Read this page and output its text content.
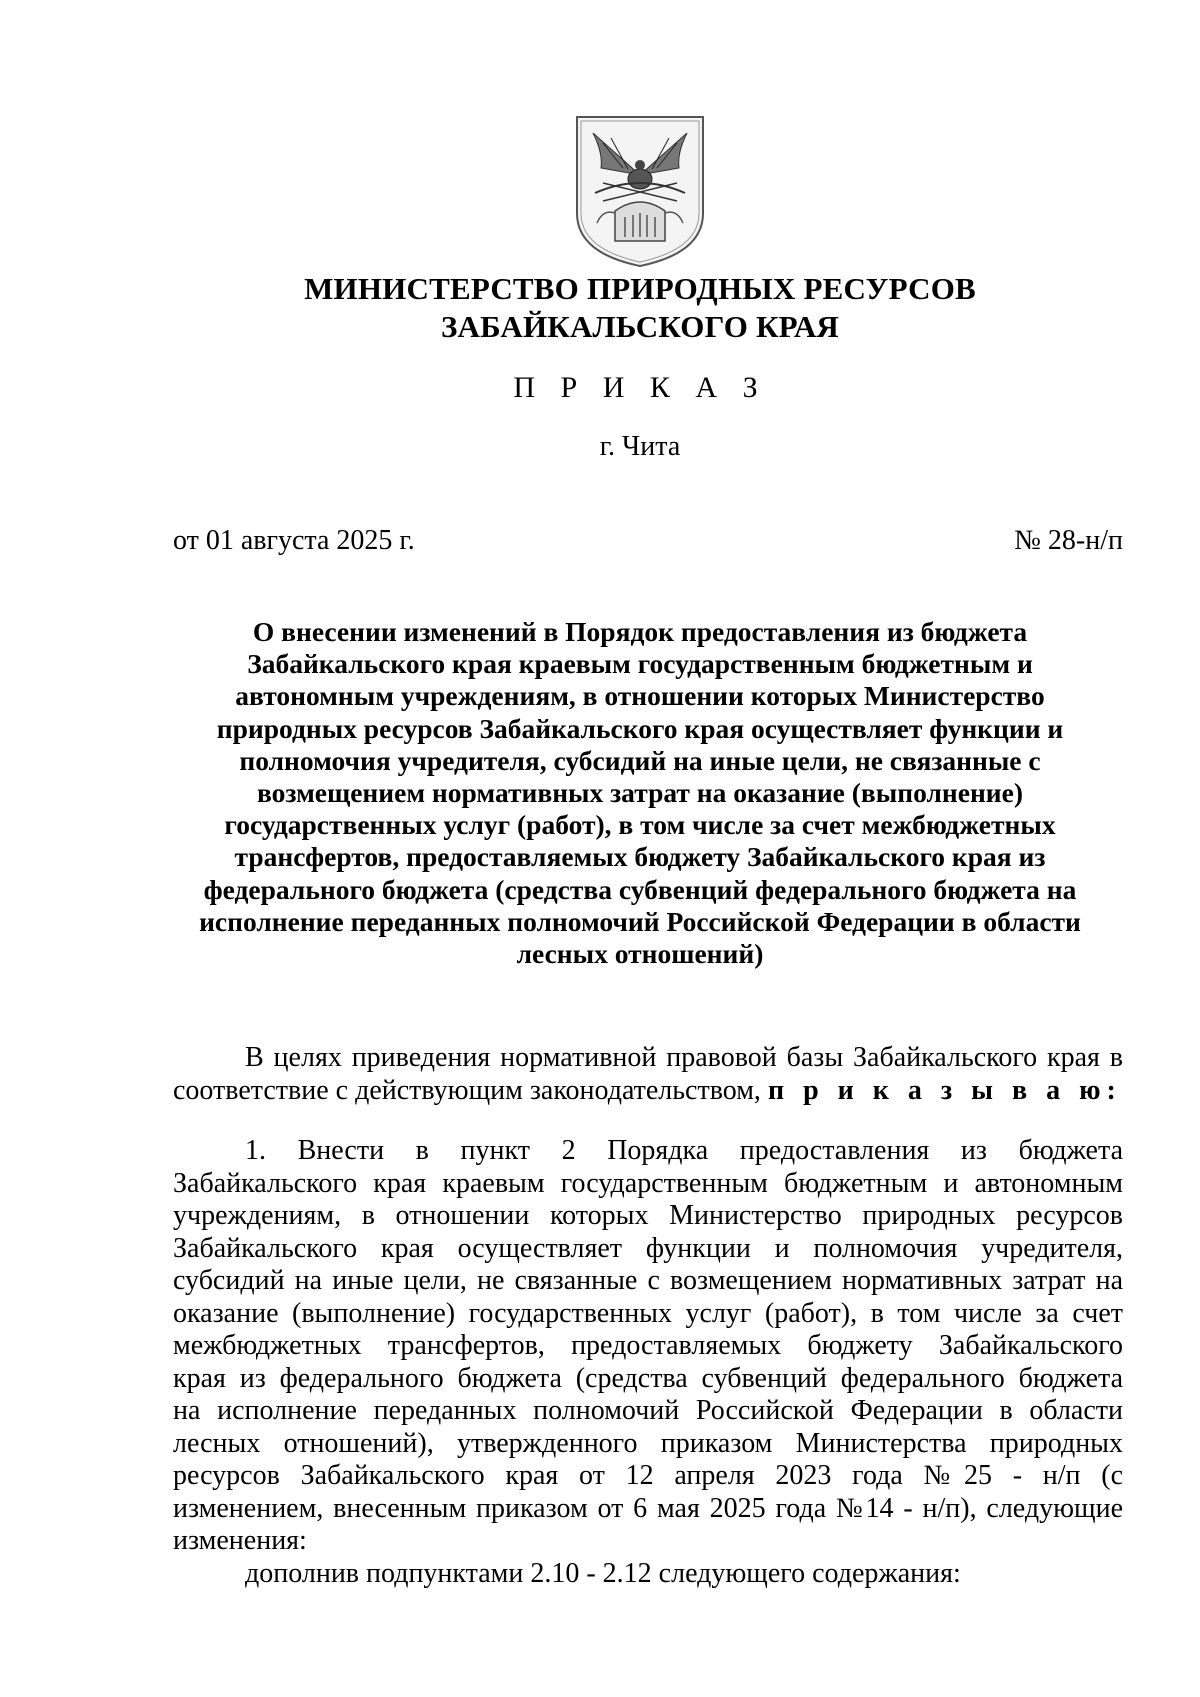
МИНИСТЕРСТВО ПРИРОДНЫХ РЕСУРСОВ
ЗАБАЙКАЛЬСКОГО КРАЯ
П Р И К А З
г. Чита
от 01 августа 2025 г.	№ 28-н/п
О внесении изменений в Порядок предоставления из бюджета
Забайкальского края краевым государственным бюджетным и
автономным учреждениям, в отношении которых Министерство
природных ресурсов Забайкальского края осуществляет функции и
полномочия учредителя, субсидий на иные цели, не связанные с
возмещением нормативных затрат на оказание (выполнение)
государственных услуг (работ), в том числе за счет межбюджетных
трансфертов, предоставляемых бюджету Забайкальского края из
федерального бюджета (средства субвенций федерального бюджета на
исполнение переданных полномочий Российской Федерации в области
лесных отношений)
В целях приведения нормативной правовой базы Забайкальского края в
соответствие с действующим законодательством, п р и к а з ы в а ю:
1. Внести в пункт 2 Порядка предоставления из бюджета
Забайкальского края краевым государственным бюджетным и автономным
учреждениям, в отношении которых Министерство природных ресурсов
Забайкальского края осуществляет функции и полномочия учредителя,
субсидий на иные цели, не связанные с возмещением нормативных затрат на
оказание (выполнение) государственных услуг (работ), в том числе за счет
межбюджетных трансфертов, предоставляемых бюджету Забайкальского
края из федерального бюджета (средства субвенций федерального бюджета
на исполнение переданных полномочий Российской Федерации в области
лесных отношений), утвержденного приказом Министерства природных
ресурсов Забайкальского края от 12 апреля 2023 года №25 - н/п (с
изменением, внесенным приказом от 6 мая 2025 года №14 - н/п), следующие
изменения:
дополнив подпунктами 2.10 - 2.12 следующего содержания:
